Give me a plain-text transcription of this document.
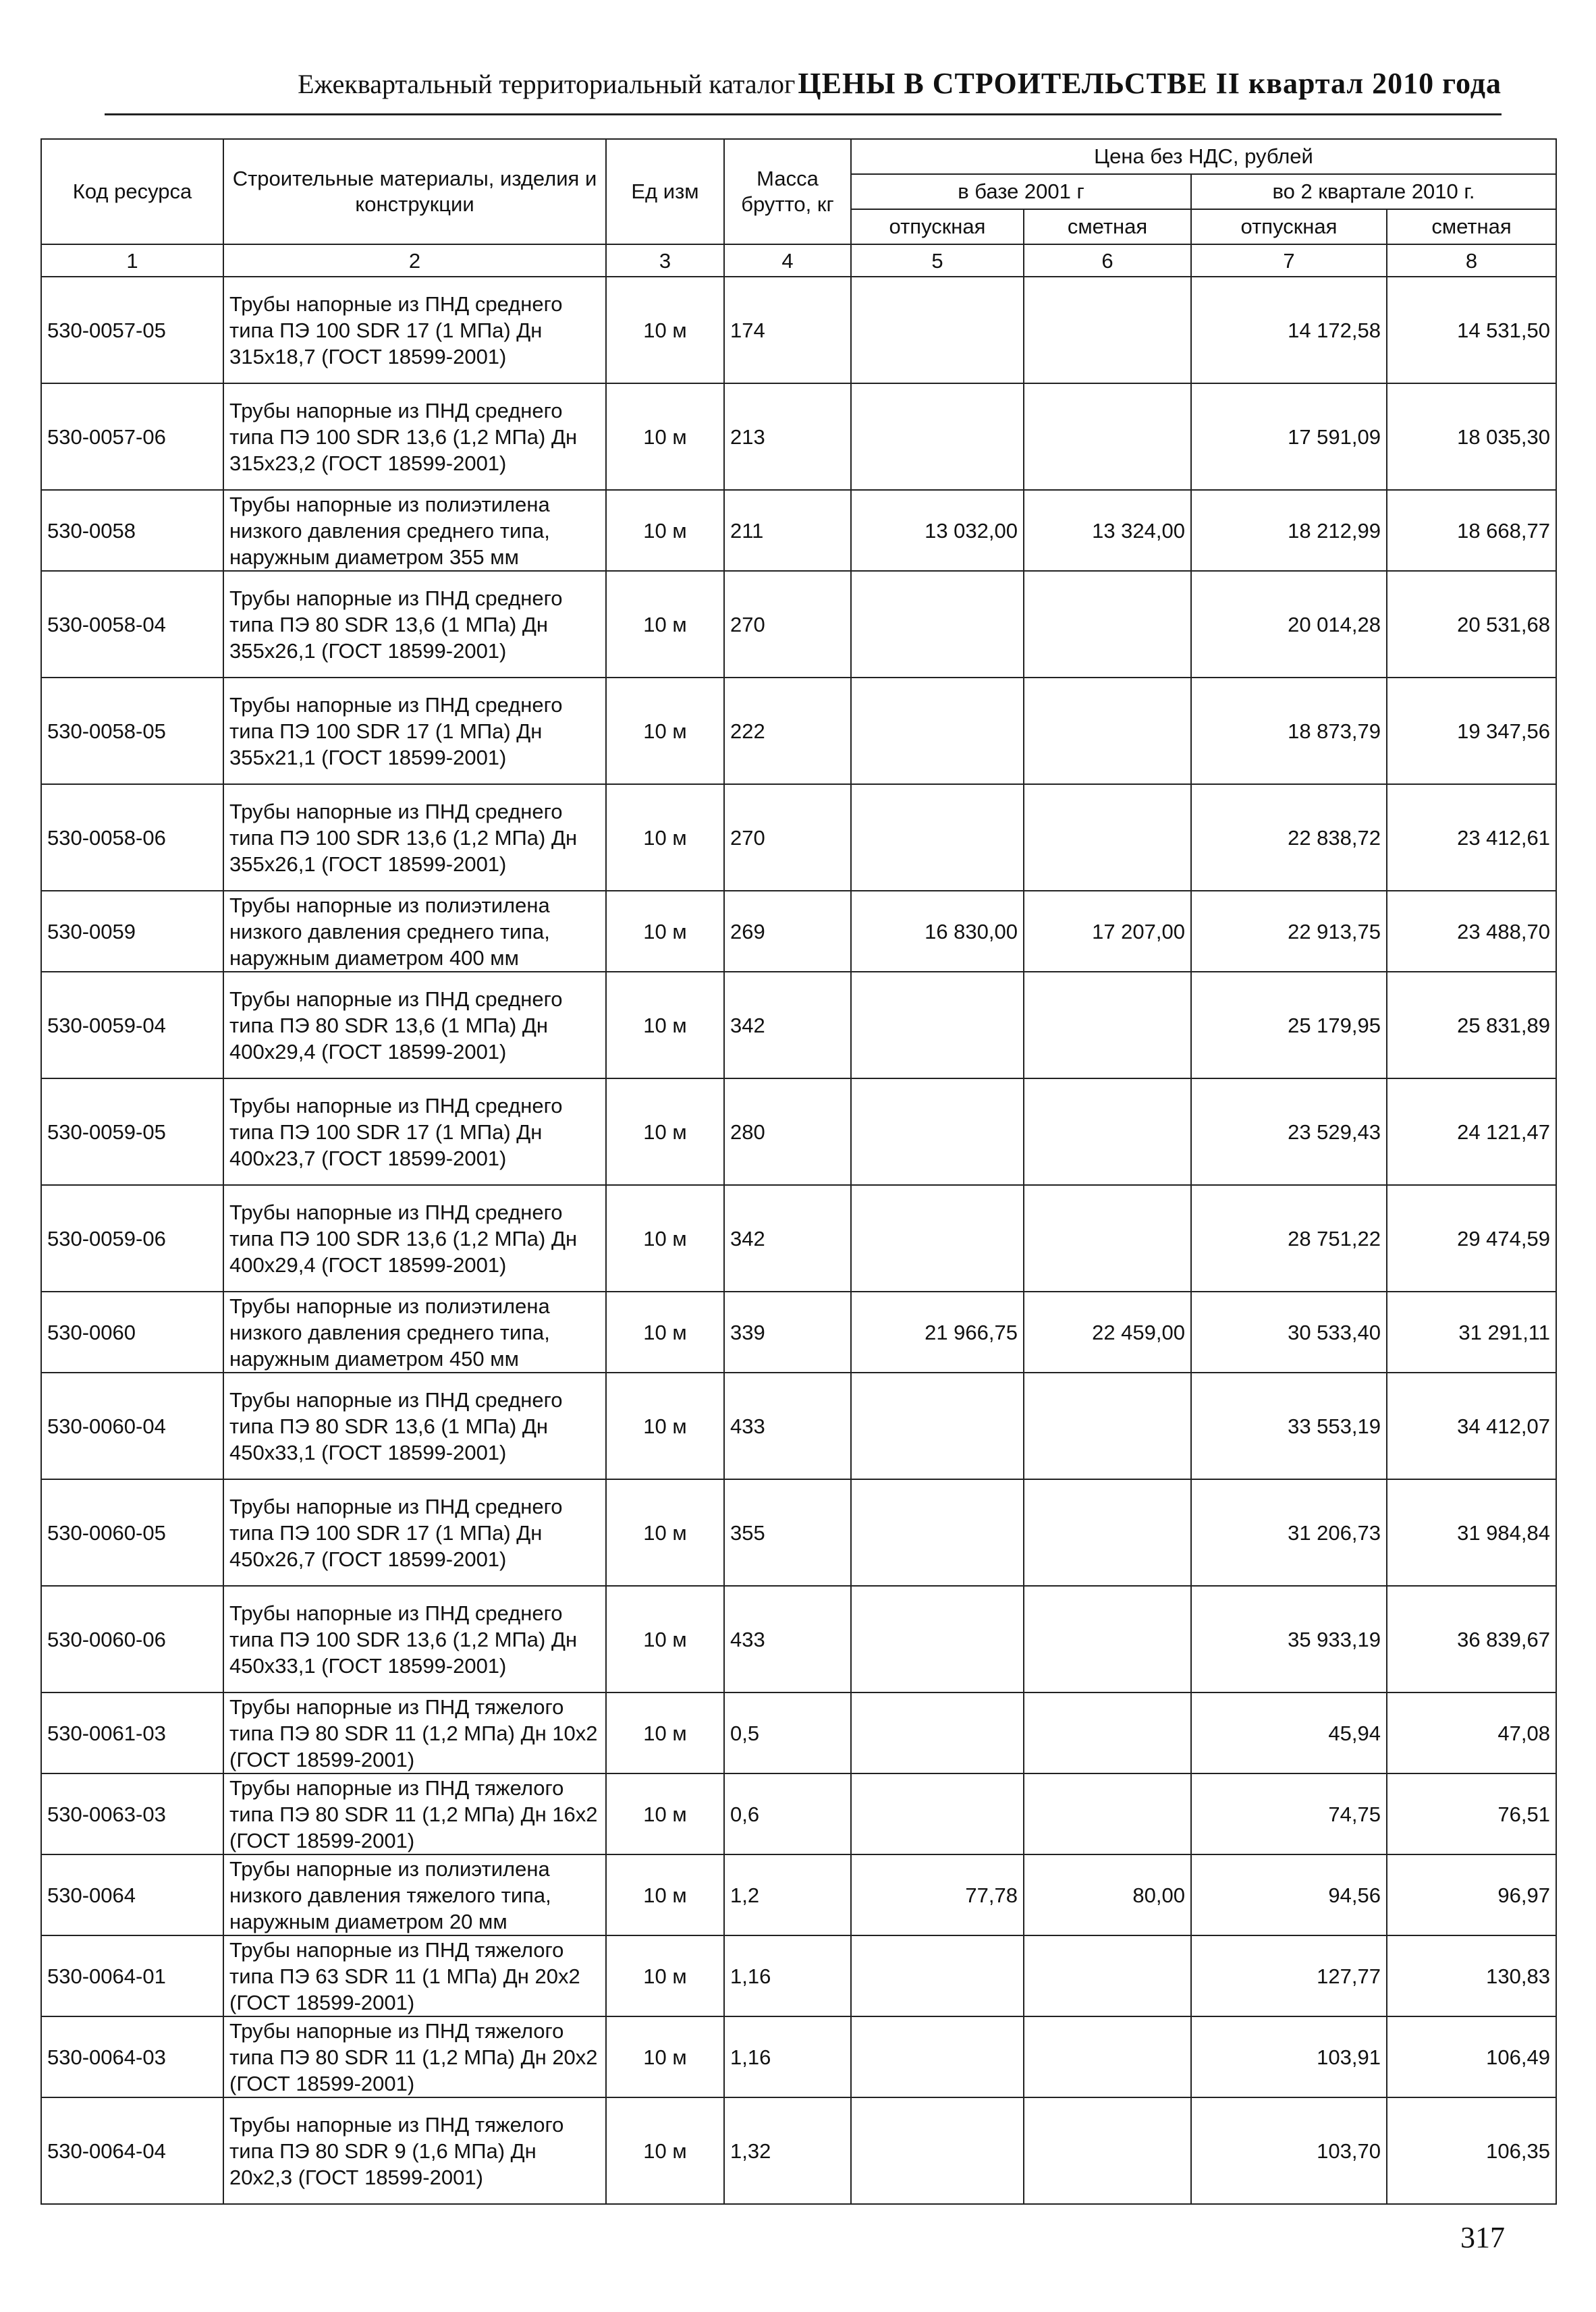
Ежеквартальный территориальный каталог ЦЕНЫ В СТРОИТЕЛЬСТВЕ II квартал 2010 года
Код ресурса	Строительные материалы, изделия и конструкции	Ед изм	Масса брутто, кг	Цена без НДС, рублей			
				в базе 2001 г		во 2 квартале 2010 г.	
				отпускная	сметная	отпускная	сметная
1	2	3	4	5	6	7	8
530-0057-05	Трубы напорные из ПНД среднего типа ПЭ 100 SDR 17 (1 МПа) Дн 315х18,7 (ГОСТ 18599-2001)	10 м	174			14 172,58	14 531,50
530-0057-06	Трубы напорные из ПНД среднего типа ПЭ 100 SDR 13,6 (1,2 МПа) Дн 315х23,2 (ГОСТ 18599-2001)	10 м	213			17 591,09	18 035,30
530-0058	Трубы напорные из полиэтилена низкого давления среднего типа, наружным диаметром 355 мм	10 м	211	13 032,00	13 324,00	18 212,99	18 668,77
530-0058-04	Трубы напорные из ПНД среднего типа ПЭ 80 SDR 13,6 (1 МПа) Дн 355х26,1 (ГОСТ 18599-2001)	10 м	270			20 014,28	20 531,68
530-0058-05	Трубы напорные из ПНД среднего типа ПЭ 100 SDR 17 (1 МПа) Дн 355х21,1 (ГОСТ 18599-2001)	10 м	222			18 873,79	19 347,56
530-0058-06	Трубы напорные из ПНД среднего типа ПЭ 100 SDR 13,6 (1,2 МПа) Дн 355х26,1 (ГОСТ 18599-2001)	10 м	270			22 838,72	23 412,61
530-0059	Трубы напорные из полиэтилена низкого давления среднего типа, наружным диаметром 400 мм	10 м	269	16 830,00	17 207,00	22 913,75	23 488,70
530-0059-04	Трубы напорные из ПНД среднего типа ПЭ 80 SDR 13,6 (1 МПа) Дн 400х29,4 (ГОСТ 18599-2001)	10 м	342			25 179,95	25 831,89
530-0059-05	Трубы напорные из ПНД среднего типа ПЭ 100 SDR 17 (1 МПа) Дн 400х23,7 (ГОСТ 18599-2001)	10 м	280			23 529,43	24 121,47
530-0059-06	Трубы напорные из ПНД среднего типа ПЭ 100 SDR 13,6 (1,2 МПа) Дн 400х29,4 (ГОСТ 18599-2001)	10 м	342			28 751,22	29 474,59
530-0060	Трубы напорные из полиэтилена низкого давления среднего типа, наружным диаметром 450 мм	10 м	339	21 966,75	22 459,00	30 533,40	31 291,11
530-0060-04	Трубы напорные из ПНД среднего типа ПЭ 80 SDR 13,6 (1 МПа) Дн 450х33,1 (ГОСТ 18599-2001)	10 м	433			33 553,19	34 412,07
530-0060-05	Трубы напорные из ПНД среднего типа ПЭ 100 SDR 17 (1 МПа) Дн 450х26,7 (ГОСТ 18599-2001)	10 м	355			31 206,73	31 984,84
530-0060-06	Трубы напорные из ПНД среднего типа ПЭ 100 SDR 13,6 (1,2 МПа) Дн 450х33,1 (ГОСТ 18599-2001)	10 м	433			35 933,19	36 839,67
530-0061-03	Трубы напорные из ПНД тяжелого типа ПЭ 80 SDR 11 (1,2 МПа) Дн 10х2 (ГОСТ 18599-2001)	10 м	0,5			45,94	47,08
530-0063-03	Трубы напорные из ПНД тяжелого типа ПЭ 80 SDR 11 (1,2 МПа) Дн 16х2 (ГОСТ 18599-2001)	10 м	0,6			74,75	76,51
530-0064	Трубы напорные из полиэтилена низкого давления тяжелого типа, наружным диаметром 20 мм	10 м	1,2	77,78	80,00	94,56	96,97
530-0064-01	Трубы напорные из ПНД тяжелого типа ПЭ 63 SDR 11 (1 МПа) Дн 20х2 (ГОСТ 18599-2001)	10 м	1,16			127,77	130,83
530-0064-03	Трубы напорные из ПНД тяжелого типа ПЭ 80 SDR 11 (1,2 МПа) Дн 20х2 (ГОСТ 18599-2001)	10 м	1,16			103,91	106,49
530-0064-04	Трубы напорные из ПНД тяжелого типа ПЭ 80 SDR 9 (1,6 МПа) Дн 20х2,3 (ГОСТ 18599-2001)	10 м	1,32			103,70	106,35
317
